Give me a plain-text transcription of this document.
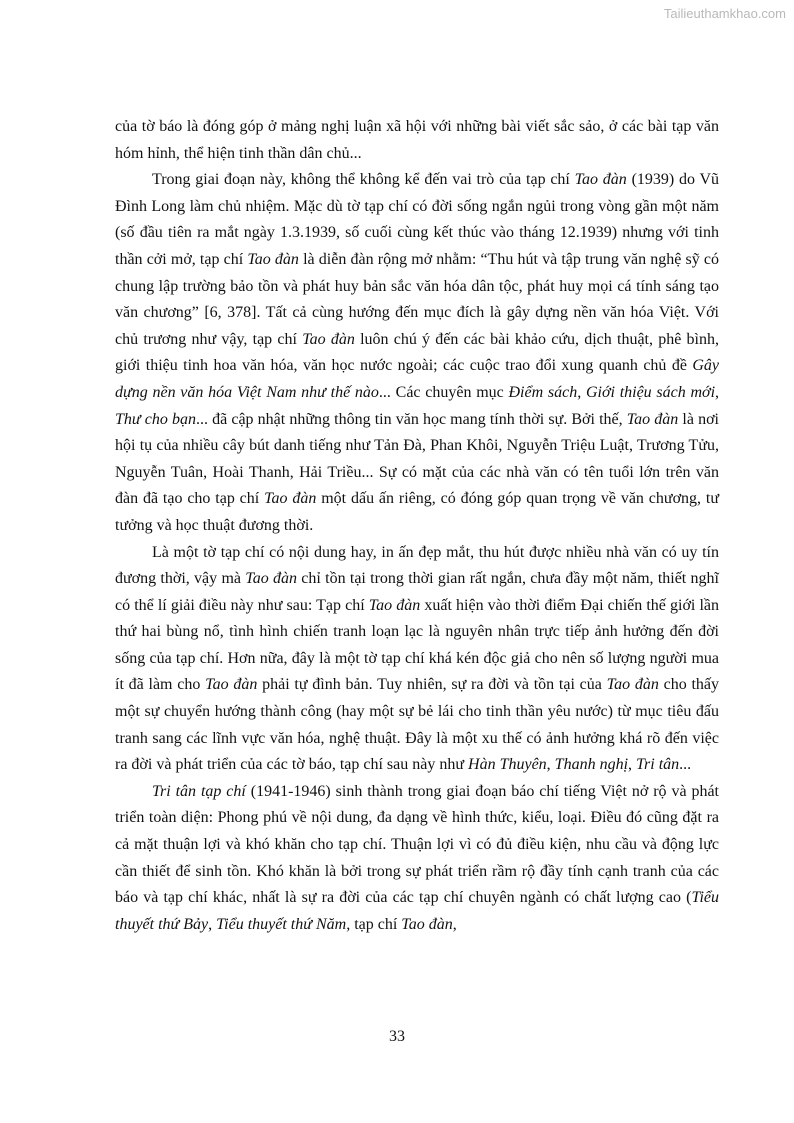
Tailieuthamkhao.com

của tờ báo là đóng góp ở mảng nghị luận xã hội với những bài viết sắc sảo, ở các bài tạp văn hóm hỉnh, thể hiện tinh thần dân chủ...

Trong giai đoạn này, không thể không kể đến vai trò của tạp chí Tao đàn (1939) do Vũ Đình Long làm chủ nhiệm. Mặc dù tờ tạp chí có đời sống ngắn ngủi trong vòng gần một năm (số đầu tiên ra mắt ngày 1.3.1939, số cuối cùng kết thúc vào tháng 12.1939) nhưng với tinh thần cởi mở, tạp chí Tao đàn là diễn đàn rộng mở nhằm: “Thu hút và tập trung văn nghệ sỹ có chung lập trường bảo tồn và phát huy bản sắc văn hóa dân tộc, phát huy mọi cá tính sáng tạo văn chương” [6, 378]. Tất cả cùng hướng đến mục đích là gây dựng nền văn hóa Việt. Với chủ trương như vậy, tạp chí Tao đàn luôn chú ý đến các bài khảo cứu, dịch thuật, phê bình, giới thiệu tinh hoa văn hóa, văn học nước ngoài; các cuộc trao đổi xung quanh chủ đề Gây dựng nền văn hóa Việt Nam như thế nào... Các chuyên mục Điểm sách, Giới thiệu sách mới, Thư cho bạn... đã cập nhật những thông tin văn học mang tính thời sự. Bởi thế, Tao đàn là nơi hội tụ của nhiều cây bút danh tiếng như Tản Đà, Phan Khôi, Nguyễn Triệu Luật, Trương Tửu, Nguyễn Tuân, Hoài Thanh, Hải Triều... Sự có mặt của các nhà văn có tên tuổi lớn trên văn đàn đã tạo cho tạp chí Tao đàn một dấu ấn riêng, có đóng góp quan trọng về văn chương, tư tưởng và học thuật đương thời.

Là một tờ tạp chí có nội dung hay, in ấn đẹp mắt, thu hút được nhiều nhà văn có uy tín đương thời, vậy mà Tao đàn chỉ tồn tại trong thời gian rất ngắn, chưa đầy một năm, thiết nghĩ có thể lí giải điều này như sau: Tạp chí Tao đàn xuất hiện vào thời điểm Đại chiến thế giới lần thứ hai bùng nổ, tình hình chiến tranh loạn lạc là nguyên nhân trực tiếp ảnh hưởng đến đời sống của tạp chí. Hơn nữa, đây là một tờ tạp chí khá kén độc giả cho nên số lượng người mua ít đã làm cho Tao đàn phải tự đình bản. Tuy nhiên, sự ra đời và tồn tại của Tao đàn cho thấy một sự chuyển hướng thành công (hay một sự bẻ lái cho tinh thần yêu nước) từ mục tiêu đấu tranh sang các lĩnh vực văn hóa, nghệ thuật. Đây là một xu thế có ảnh hưởng khá rõ đến việc ra đời và phát triển của các tờ báo, tạp chí sau này như Hàn Thuyên, Thanh nghị, Tri tân...

Tri tân tạp chí (1941-1946) sinh thành trong giai đoạn báo chí tiếng Việt nở rộ và phát triển toàn diện: Phong phú về nội dung, đa dạng về hình thức, kiểu, loại. Điều đó cũng đặt ra cả mặt thuận lợi và khó khăn cho tạp chí. Thuận lợi vì có đủ điều kiện, nhu cầu và động lực cần thiết để sinh tồn. Khó khăn là bởi trong sự phát triển rầm rộ đầy tính cạnh tranh của các báo và tạp chí khác, nhất là sự ra đời của các tạp chí chuyên ngành có chất lượng cao (Tiểu thuyết thứ Bảy, Tiểu thuyết thứ Năm, tạp chí Tao đàn,

33
